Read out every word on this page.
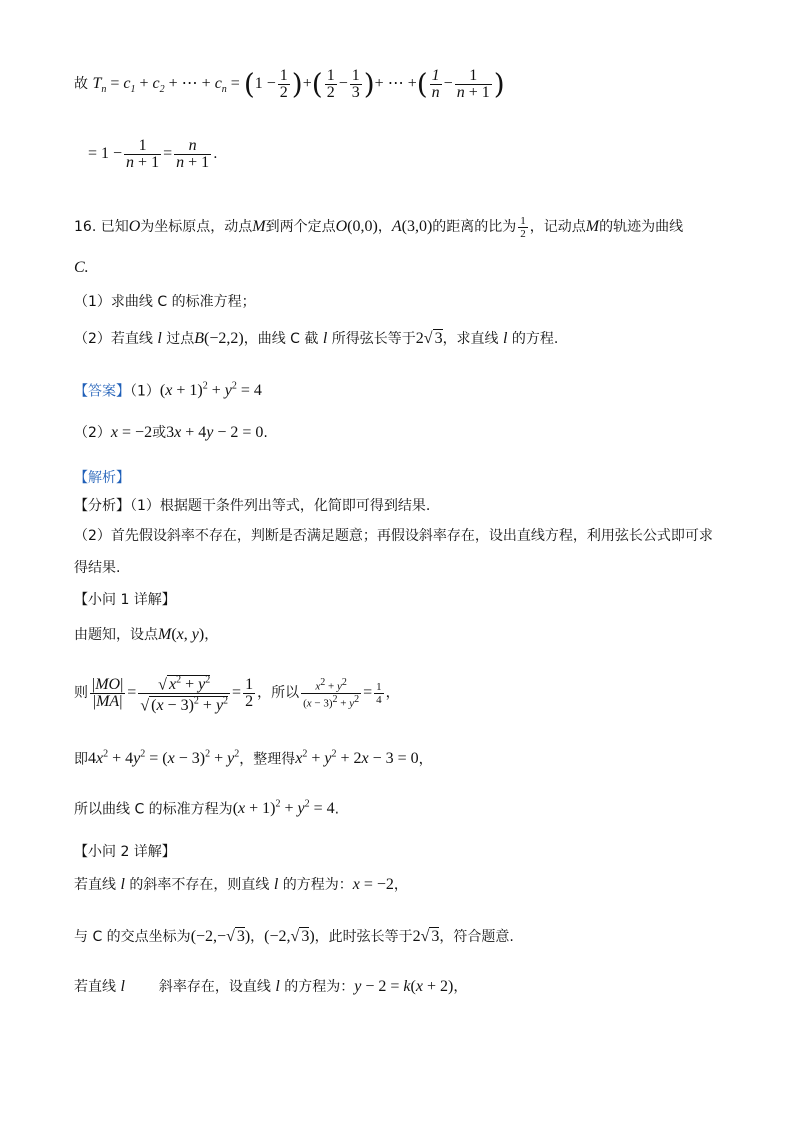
故 $T_n = c_1 + c_2$ + ⋯ + $c_n = (1 - \frac{1}{2}$ )+( $\frac{1}{2} - \frac{1}{3}$ )+ ⋯ +( $\frac{1}{n} - \frac{1}{n + 1}$ )
= $1 - \frac{1}{n + 1} = \frac{n}{n + 1}$ .
16. 已知O为坐标原点，动点M到两个定点O(0,0)，A(3,0)的距离的比为 $\frac{1}{2}$ ，记动点M的轨迹为曲线
C.
（1）求曲线 C 的标准方程；
（2）若直线 l 过点B(−2,2)，曲线 C 截 l 所得弦长等于2√ 3，求直线 l 的方程.
【答案】$(1)(x + 1)^2 + y^2 = 4$
（2）x = −2或3x + 4y − 2 = 0.
【解析】
【分析】（1）根据题干条件列出等式，化简即可得到结果.
（2）首先假设斜率不存在，判断是否满足题意；再假设斜率存在，设出直线方程，利用弦长公式即可求
得结果.
【小问 1 详解】
由题知，设点M(x, y)，
则 $\frac{|MO|}{|MA|} = \frac{√ x^2 + y^2}{√ (x - 3)^2 + y^2} = \frac{1}{2}$ ，所以 $\frac{x^2 + y^2}{(x - 3)^2 + y^2} = \frac{1}{4}$ ，
即$4x^2 + 4y^2 = (x - 3)^2 + y^2$，整理得$x^2 + y^2 + 2x - 3 = 0$，
所以曲线 C 的标准方程为$(x + 1)^2 + y^2 = 4$.
【小问 2 详解】
若直线 l 的斜率不存在，则直线 l 的方程为：x = −2，
与 C 的交点坐标为(−2,−√ 3)，(−2,√ 3)，此时弦长等于2√ 3，符合题意.
若直线 l 斜率存在，设直线 l 的方程为：y − 2 = k(x + 2)，
